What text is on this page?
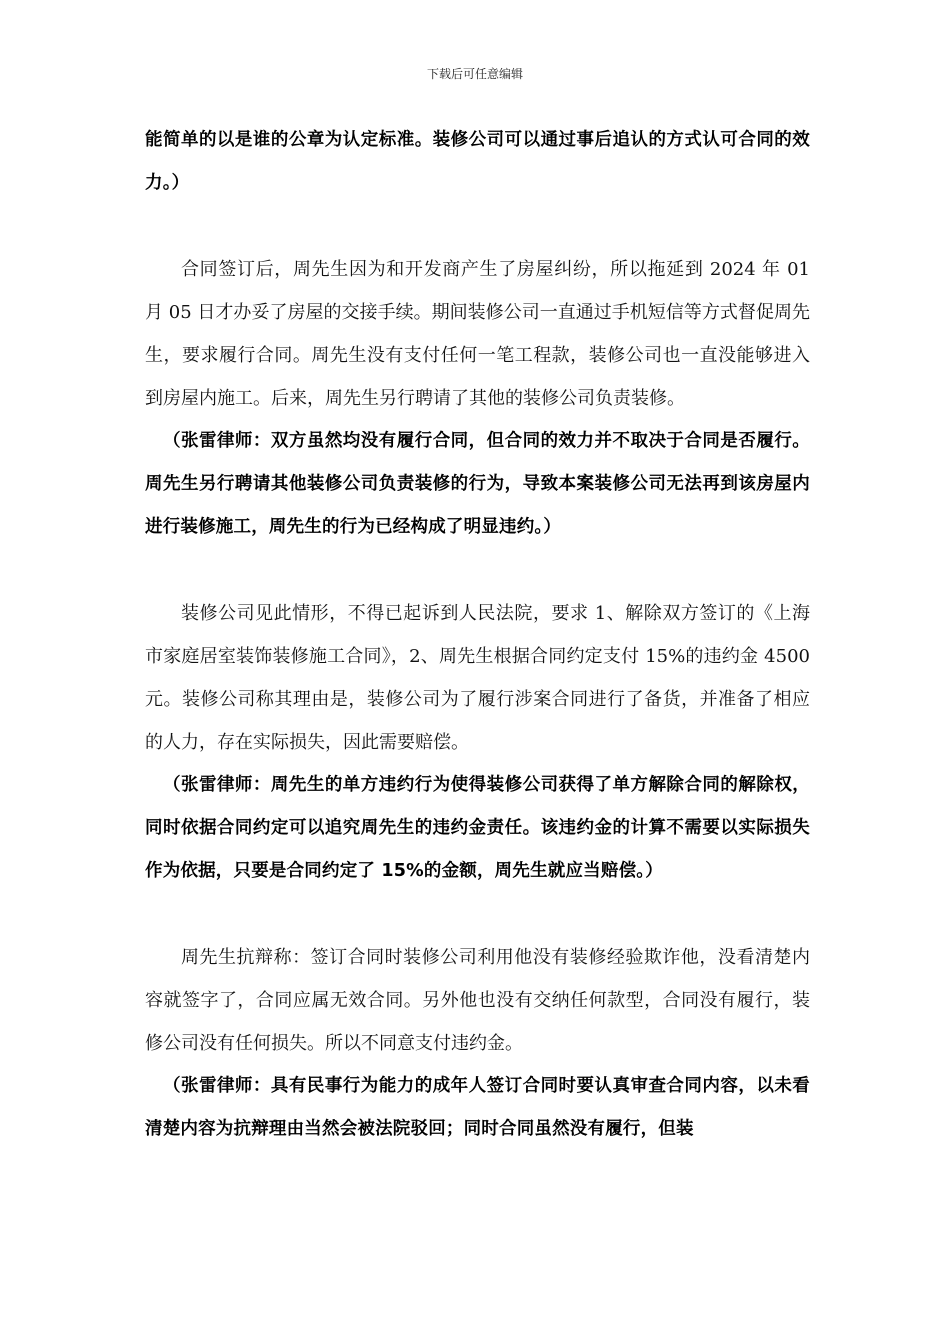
下载后可任意编辑

能简单的以是谁的公章为认定标准。装修公司可以通过事后追认的方式认可合同的效力。）

合同签订后，周先生因为和开发商产生了房屋纠纷，所以拖延到 2024 年 01 月 05 日才办妥了房屋的交接手续。期间装修公司一直通过手机短信等方式督促周先生，要求履行合同。周先生没有支付任何一笔工程款，装修公司也一直没能够进入到房屋内施工。后来，周先生另行聘请了其他的装修公司负责装修。

（张雷律师：双方虽然均没有履行合同，但合同的效力并不取决于合同是否履行。周先生另行聘请其他装修公司负责装修的行为，导致本案装修公司无法再到该房屋内进行装修施工，周先生的行为已经构成了明显违约。）

装修公司见此情形，不得已起诉到人民法院，要求 1、解除双方签订的《上海市家庭居室装饰装修施工合同》，2、周先生根据合同约定支付 15%的违约金 4500 元。装修公司称其理由是，装修公司为了履行涉案合同进行了备货，并准备了相应的人力，存在实际损失，因此需要赔偿。

（张雷律师：周先生的单方违约行为使得装修公司获得了单方解除合同的解除权，同时依据合同约定可以追究周先生的违约金责任。该违约金的计算不需要以实际损失作为依据，只要是合同约定了 15%的金额，周先生就应当赔偿。）

周先生抗辩称：签订合同时装修公司利用他没有装修经验欺诈他，没看清楚内容就签字了，合同应属无效合同。另外他也没有交纳任何款型，合同没有履行，装修公司没有任何损失。所以不同意支付违约金。

（张雷律师：具有民事行为能力的成年人签订合同时要认真审查合同内容，以未看清楚内容为抗辩理由当然会被法院驳回；同时合同虽然没有履行，但装
